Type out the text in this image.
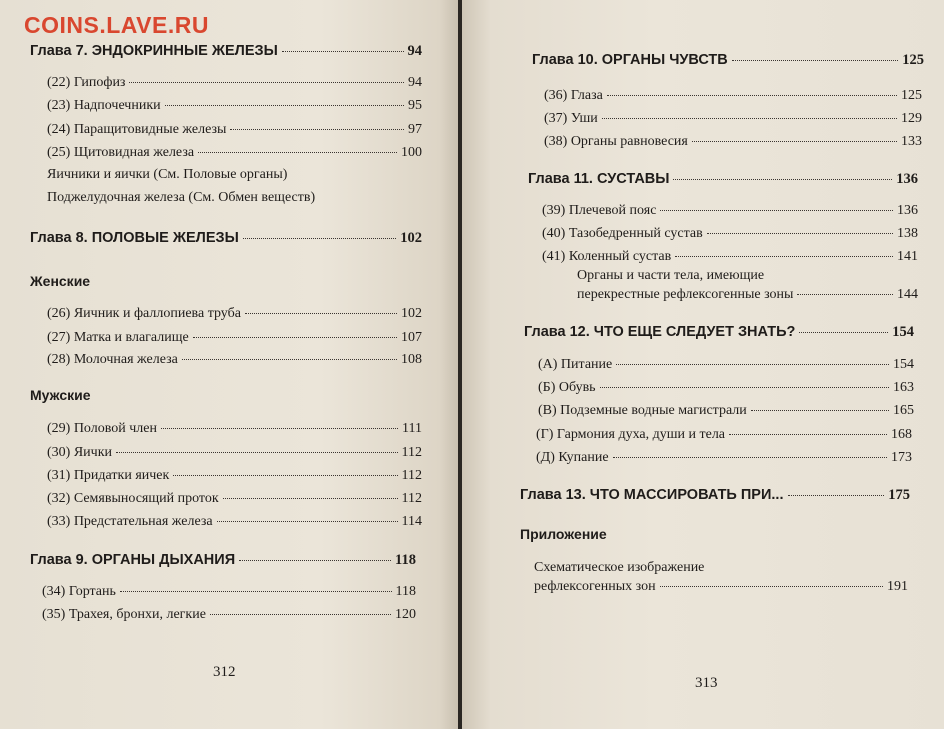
COINS.LAVE.RU
Глава 7. ЭНДОКРИННЫЕ ЖЕЛЕЗЫ	94
(22) Гипофиз	94
(23) Надпочечники	95
(24) Паращитовидные железы	97
(25) Щитовидная железа	100
Яичники и яички (См. Половые органы)
Поджелудочная железа (См. Обмен веществ)
Глава 8. ПОЛОВЫЕ ЖЕЛЕЗЫ	102
Женские
(26) Яичник и фаллопиева труба	102
(27) Матка и влагалище	107
(28) Молочная железа	108
Мужские
(29) Половой член	111
(30) Яички	112
(31) Придатки яичек	112
(32) Семявыносящий проток	112
(33) Предстательная железа	114
Глава 9. ОРГАНЫ ДЫХАНИЯ	118
(34) Гортань	118
(35) Трахея, бронхи, легкие	120
312
Глава 10. ОРГАНЫ ЧУВСТВ	125
(36) Глаза	125
(37) Уши	129
(38) Органы равновесия	133
Глава 11. СУСТАВЫ	136
(39) Плечевой пояс	136
(40) Тазобедренный сустав	138
(41) Коленный сустав	141
Органы и части тела, имеющие
перекрестные рефлексогенные зоны	144
Глава 12. ЧТО ЕЩЕ СЛЕДУЕТ ЗНАТЬ?	154
(А) Питание	154
(Б) Обувь	163
(В) Подземные водные магистрали	165
(Г) Гармония духа, души и тела	168
(Д) Купание	173
Глава 13. ЧТО МАССИРОВАТЬ ПРИ...	175
Приложение
Схематическое изображение
рефлексогенных зон	191
313
